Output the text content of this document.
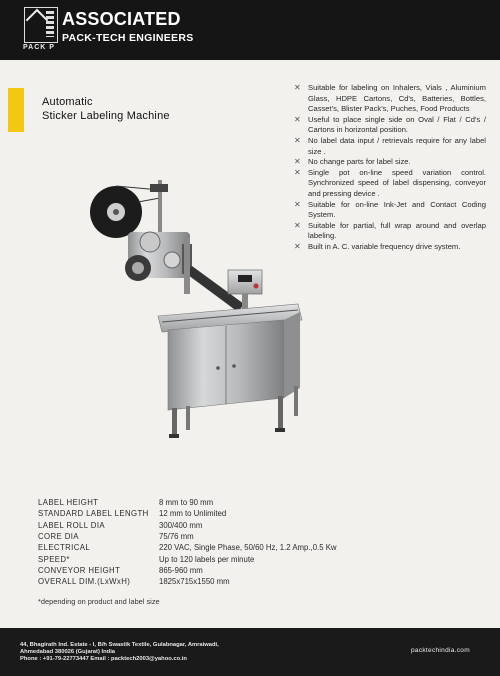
PACK P
ASSOCIATED
PACK-TECH ENGINEERS
Automatic
Sticker Labeling Machine
✕ Suitable for labeling on Inhalers, Vials , Aluminium Glass, HDPE Cartons, Cd's, Batteries, Bottles, Casset's, Blister Pack's, Puches, Food Products
✕ Useful to place single side on Oval / Flat / Cd's / Cartons in horizontal position.
✕ No label data input / retrievals require for any label size .
✕ No change parts for label size.
✕ Single pot on-line speed variation control. Synchronized speed of label dispensing, conveyor and pressing device .
✕ Suitable for on-line Ink-Jet and Contact Coding System.
✕ Suitable for partial, full wrap around and overlap labeling.
✕ Built in A. C. variable frequency drive system.
LABEL HEIGHT	8 mm to 90 mm
STANDARD LABEL LENGTH	12 mm to Unlimited
LABEL ROLL DIA	300/400 mm
CORE DIA	75/76 mm
ELECTRICAL	220 VAC, Single Phase, 50/60 Hz, 1.2 Amp.,0.5 Kw
SPEED*	Up to 120 labels per minute
CONVEYOR HEIGHT	865-960 mm
OVERALL DIM.(LxWxH)	1825x715x1550 mm
*depending on product and label size
44, Bhagirath Ind. Estate - I, B/h Swastik Textile, Gulabnagar, Amraiwadi,
Ahmedabad 380026 (Gujarat) India
Phone : +91-79-22773447 Email : packtech2003@yahoo.co.in
packtechindia.com
